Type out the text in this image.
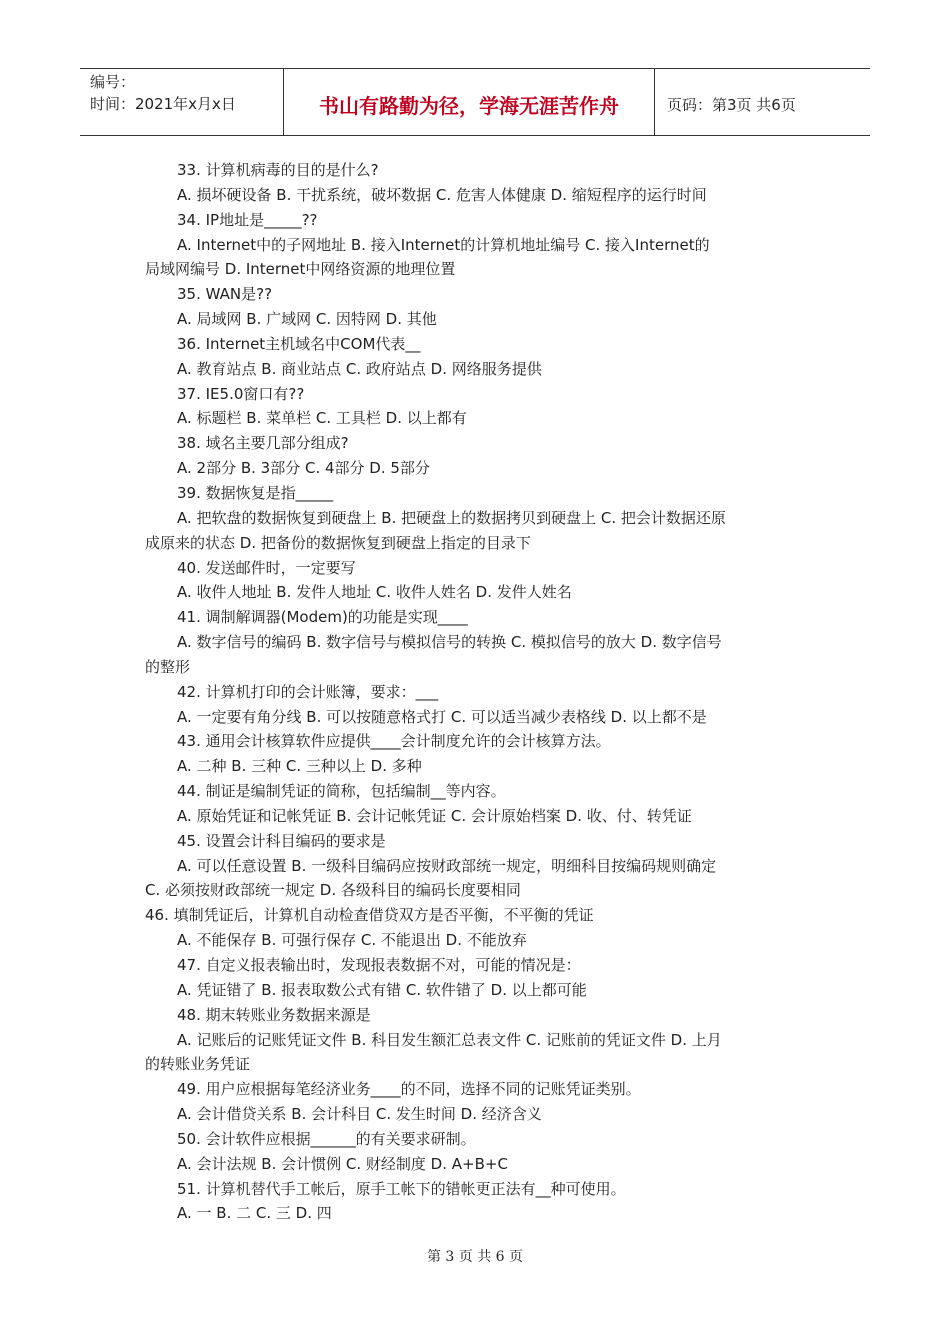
编号：
时间：2021年x月x日	书山有路勤为径，学海无涯苦作舟	页码：第3页 共6页
33. 计算机病毒的目的是什么?
A. 损坏硬设备 B. 干扰系统，破坏数据 C. 危害人体健康 D. 缩短程序的运行时间
34. IP地址是_____??
A. Internet中的子网地址 B. 接入Internet的计算机地址编号 C. 接入Internet的
局域网编号 D. Internet中网络资源的地理位置
35. WAN是??
A. 局域网 B. 广域网 C. 因特网 D. 其他
36. Internet主机域名中COM代表__
A. 教育站点 B. 商业站点 C. 政府站点 D. 网络服务提供
37. IE5.0窗口有??
A. 标题栏 B. 菜单栏 C. 工具栏 D. 以上都有
38. 域名主要几部分组成?
A. 2部分 B. 3部分 C. 4部分 D. 5部分
39. 数据恢复是指_____
A. 把软盘的数据恢复到硬盘上 B. 把硬盘上的数据拷贝到硬盘上 C. 把会计数据还原
成原来的状态 D. 把备份的数据恢复到硬盘上指定的目录下
40. 发送邮件时，一定要写
A. 收件人地址 B. 发件人地址 C. 收件人姓名 D. 发件人姓名
41. 调制解调器(Modem)的功能是实现____
A. 数字信号的编码 B. 数字信号与模拟信号的转换 C. 模拟信号的放大 D. 数字信号
的整形
42. 计算机打印的会计账簿，要求：___
A. 一定要有角分线 B. 可以按随意格式打 C. 可以适当减少表格线 D. 以上都不是
43. 通用会计核算软件应提供____会计制度允许的会计核算方法。
A. 二种 B. 三种 C. 三种以上 D. 多种
44. 制证是编制凭证的简称，包括编制__等内容。
A. 原始凭证和记帐凭证 B. 会计记帐凭证 C. 会计原始档案 D. 收、付、转凭证
45. 设置会计科目编码的要求是
A. 可以任意设置 B. 一级科目编码应按财政部统一规定，明细科目按编码规则确定
C. 必须按财政部统一规定 D. 各级科目的编码长度要相同
46. 填制凭证后，计算机自动检查借贷双方是否平衡，不平衡的凭证
A. 不能保存 B. 可强行保存 C. 不能退出 D. 不能放弃
47. 自定义报表输出时，发现报表数据不对，可能的情况是：
A. 凭证错了 B. 报表取数公式有错 C. 软件错了 D. 以上都可能
48. 期末转账业务数据来源是
A. 记账后的记账凭证文件 B. 科目发生额汇总表文件 C. 记账前的凭证文件 D. 上月
的转账业务凭证
49. 用户应根据每笔经济业务____的不同，选择不同的记账凭证类别。
A. 会计借贷关系 B. 会计科目 C. 发生时间 D. 经济含义
50. 会计软件应根据______的有关要求研制。
A. 会计法规 B. 会计惯例 C. 财经制度 D. A+B+C
51. 计算机替代手工帐后，原手工帐下的错帐更正法有__种可使用。
A. 一 B. 二 C. 三 D. 四
第 3 页 共 6 页
